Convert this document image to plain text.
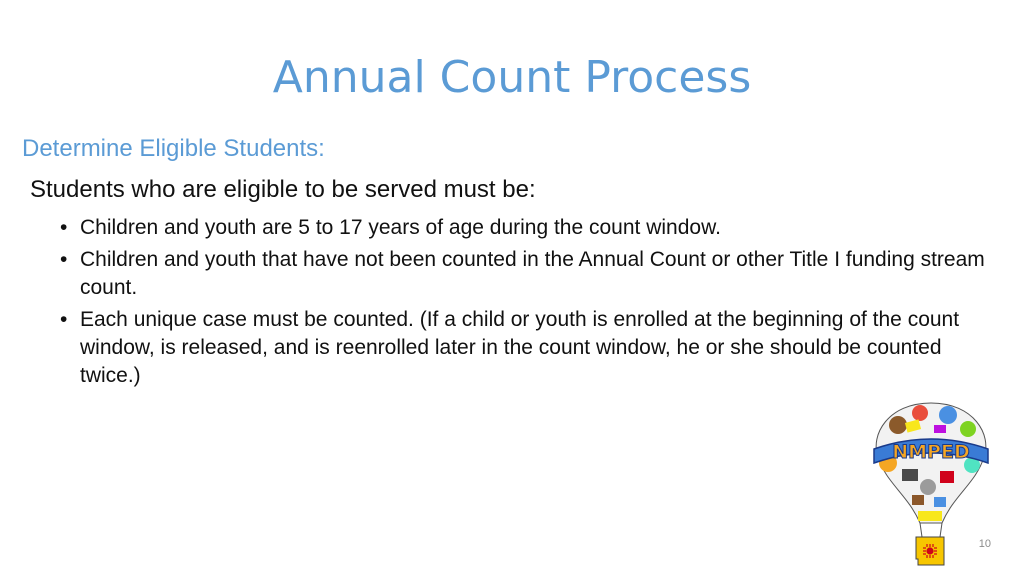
Annual Count Process
Determine Eligible Students:
Students who are eligible to be served must be:
• Children and youth are 5 to 17 years of age during the count window.
• Children and youth that have not been counted in the Annual Count or other Title I funding stream count.
• Each unique case must be counted. (If a child or youth is enrolled at the beginning of the count window, is released, and is reenrolled later in the count window, he or she should be counted twice.)
NMPED
10
